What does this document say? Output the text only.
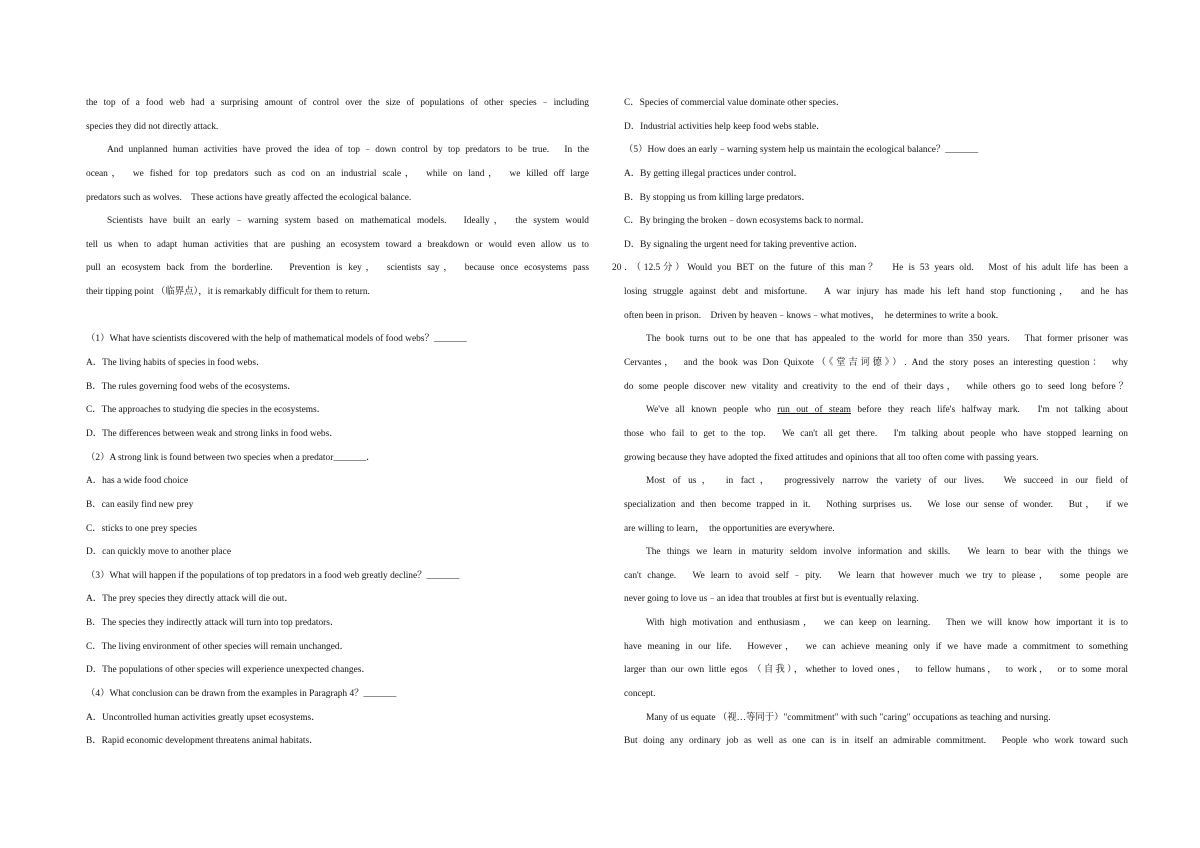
the top of a food web had a surprising amount of control over the size of populations of other species﹣including
species they did not directly attack.
And unplanned human activities have proved the idea of top﹣down control by top predators to be true.　In the
ocean，　we fished for top predators such as cod on an industrial scale，　while on land，　we killed off large
predators such as wolves.　These actions have greatly affected the ecological balance.
Scientists have built an early﹣warning system based on mathematical models.　Ideally，　the system would
tell us when to adapt human activities that are pushing an ecosystem toward a breakdown or would even allow us to
pull an ecosystem back from the borderline.　Prevention is key，　scientists say，　because once ecosystems pass
their tipping point （临界点），it is remarkably difficult for them to return.
（1）What have scientists discovered with the help of mathematical models of food webs？_______
A．The living habits of species in food webs．
B．The rules governing food webs of the ecosystems．
C．The approaches to studying die species in the ecosystems．
D．The differences between weak and strong links in food webs．
（2）A strong link is found between two species when a predator_______．
A．has a wide food choice
B．can easily find new prey
C．sticks to one prey species
D．can quickly move to another place
（3）What will happen if the populations of top predators in a food web greatly decline？_______
A．The prey species they directly attack will die out．
B．The species they indirectly attack will turn into top predators．
C．The living environment of other species will remain unchanged．
D．The populations of other species will experience unexpected changes．
（4）What conclusion can be drawn from the examples in Paragraph 4？_______
A．Uncontrolled human activities greatly upset ecosystems．
B．Rapid economic development threatens animal habitats．
C．Species of commercial value dominate other species．
D．Industrial activities help keep food webs stable．
（5）How does an early﹣warning system help us maintain the ecological balance？_______
A．By getting illegal practices under control．
B．By stopping us from killing large predators．
C．By bringing the broken﹣down ecosystems back to normal．
D．By signaling the urgent need for taking preventive action．
20．（12.5分）Would you BET on the future of this man？　He is 53 years old.　Most of his adult life has been a
losing struggle against debt and misfortune.　A war injury has made his left hand stop functioning，　and he has
often been in prison.　Driven by heaven﹣knows﹣what motives，　he determines to write a book.
The book turns out to be one that has appealed to the world for more than 350 years.　That former prisoner was
Cervantes，　and the book was Don Quixote（《堂吉诃德》）. And the story poses an interesting question：　why
do some people discover new vitality and creativity to the end of their days，　while others go to seed long before？
We've all known people who run out of steam before they reach life's halfway mark.　I'm not talking about
those who fail to get to the top.　We can't all get there.　I'm talking about people who have stopped learning on
growing because they have adopted the fixed attitudes and opinions that all too often come with passing years.
Most of us，　in fact，　progressively narrow the variety of our lives.　We succeed in our field of
specialization and then become trapped in it.　Nothing surprises us.　We lose our sense of wonder.　But，　if we
are willing to learn，　the opportunities are everywhere.
The things we learn in maturity seldom involve information and skills.　We learn to bear with the things we
can't change.　We learn to avoid self﹣pity.　We learn that however much we try to please，　some people are
never going to love us﹣an idea that troubles at first but is eventually relaxing.
With high motivation and enthusiasm，　we can keep on learning.　Then we will know how important it is to
have meaning in our life.　However，　we can achieve meaning only if we have made a commitment to something
larger than our own little egos （自我），whether to loved ones，　to fellow humans，　to work，　or to some moral
concept.
Many of us equate （视…等同于）"commitment" with such "caring" occupations as teaching and nursing.
But doing any ordinary job as well as one can is in itself an admirable commitment.　People who work toward such
